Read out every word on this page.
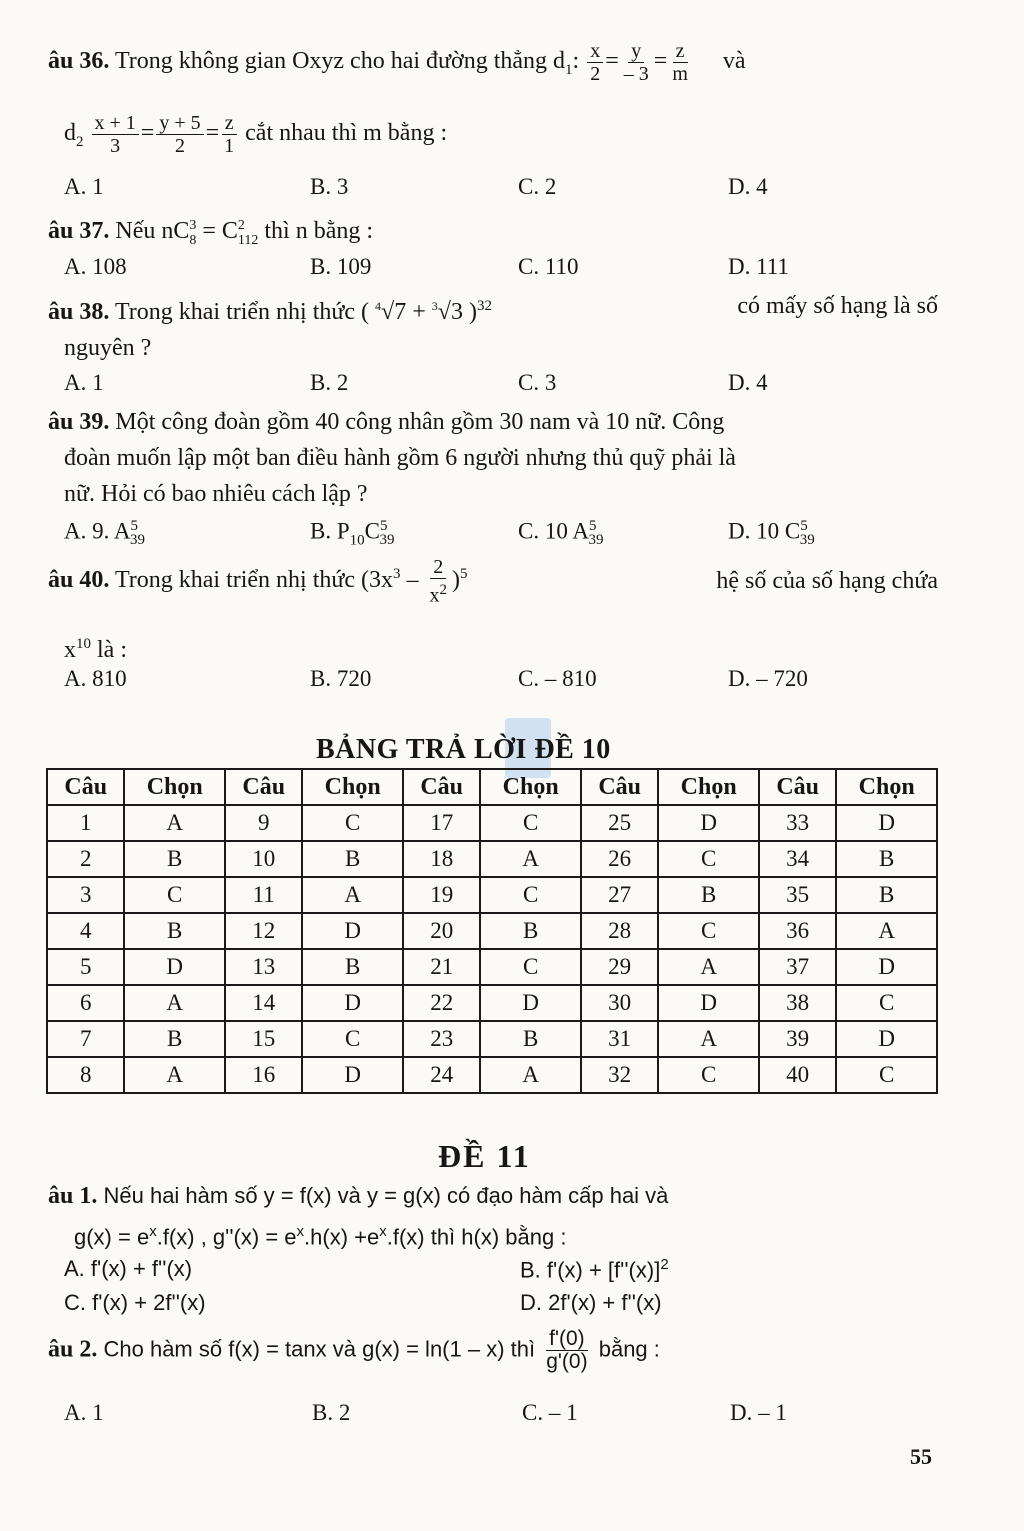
âu 36. Trong không gian Oxyz cho hai đường thẳng $d_1$: $\frac{x}{2} = \frac{y}{- 3} = \frac{z}{m}$ và
$d_2 \frac{x + 1}{3} = \frac{y + 5}{2} = \frac{z}{1}$ cắt nhau thì m bằng :
A. 1	B. 3	C. 2	D. 4
âu 37. Nếu $nC^3_8 = C^2_{112}$ thì n bằng :
A. 108	B. 109	C. 110	D. 111
âu 38. Trong khai triển nhị thức ( $^4$√7 + $^3$√3 )$^{32}$	có mấy số hạng là số
nguyên ?
A. 1	B. 2	C. 3	D. 4
âu 39. Một công đoàn gồm 40 công nhân gồm 30 nam và 10 nữ. Công
đoàn muốn lập một ban điều hành gồm 6 người nhưng thủ quỹ phải là
nữ. Hỏi có bao nhiêu cách lập ?
A. 9. $A^5_{39}$	B. $P_{10}C^5_{39}$	C. 10 $A^5_{39}$	D. 10 $C^5_{39}$
âu 40. Trong khai triển nhị thức $(3x^3 - \frac{2}{x^2} )^5$	hệ số của số hạng chứa
$x^{10}$ là :
A. 810	B. 720	C. – 810	D. – 720
BẢNG TRẢ LỜI ĐỀ 10
Câu	Chọn	Câu	Chọn	Câu	Chọn	Câu	Chọn	Câu	Chọn
1	A	9	C	17	C	25	D	33	D
2	B	10	B	18	A	26	C	34	B
3	C	11	A	19	C	27	B	35	B
4	B	12	D	20	B	28	C	36	A
5	D	13	B	21	C	29	A	37	D
6	A	14	D	22	D	30	D	38	C
7	B	15	C	23	B	31	A	39	D
8	A	16	D	24	A	32	C	40	C
ĐỀ 11
âu 1. Nếu hai hàm số y = f(x) và y = g(x) có đạo hàm cấp hai và
$g(x) = e^x.f(x)$ , $g''(x) = e^x.h(x) +e^x.f(x)$ thì h(x) bằng :
A. f'(x) + f''(x)	B. $f'(x) + [f''(x)]^2$
C. f'(x) + 2f''(x)	D. 2f'(x) + f''(x)
âu 2. Cho hàm số f(x) = tanx và g(x) = ln(1 – x) thì $\frac{f'(0)}{g'(0)}$ bằng :
A. 1	B. 2	C. – 1	D. – 1
55
